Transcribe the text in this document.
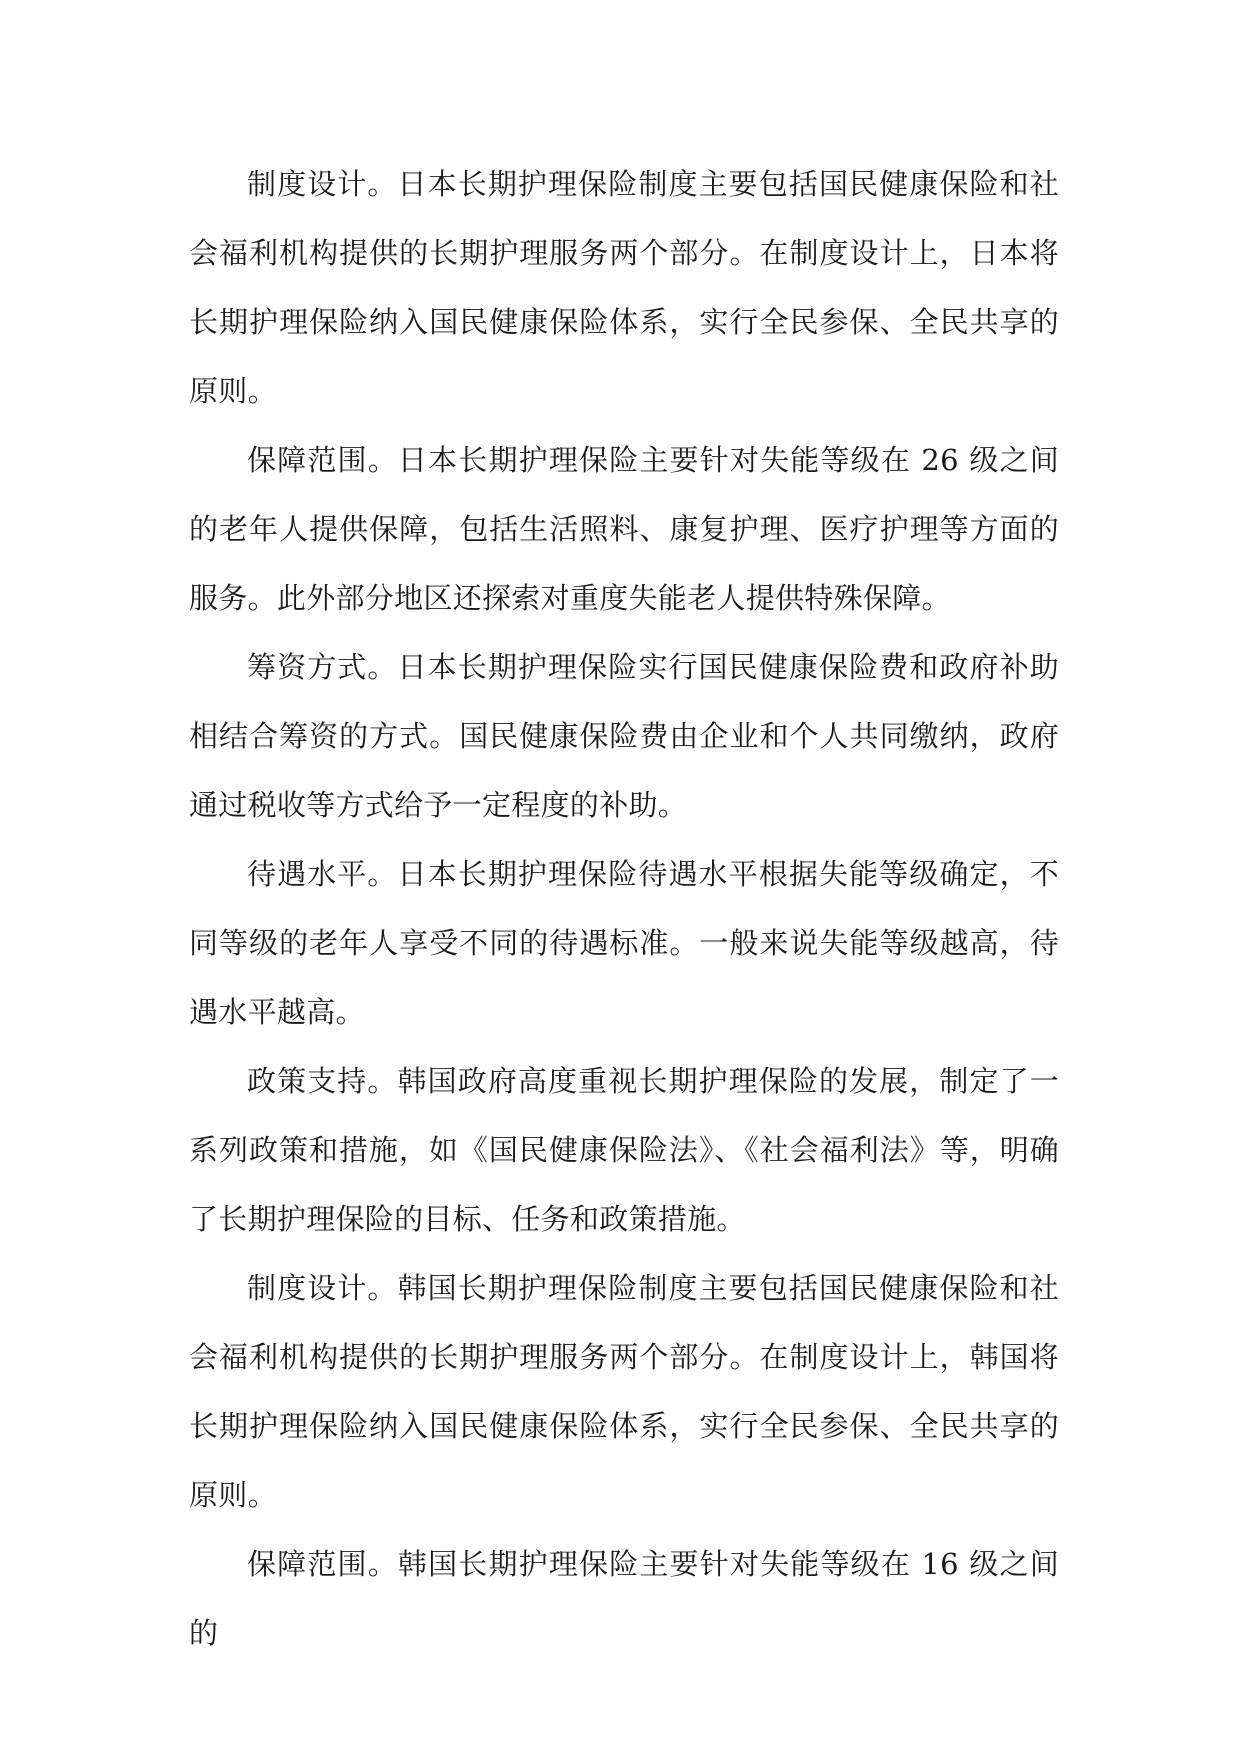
制度设计。日本长期护理保险制度主要包括国民健康保险和社会福利机构提供的长期护理服务两个部分。在制度设计上，日本将长期护理保险纳入国民健康保险体系，实行全民参保、全民共享的原则。

保障范围。日本长期护理保险主要针对失能等级在 26 级之间的老年人提供保障，包括生活照料、康复护理、医疗护理等方面的服务。此外部分地区还探索对重度失能老人提供特殊保障。

筹资方式。日本长期护理保险实行国民健康保险费和政府补助相结合筹资的方式。国民健康保险费由企业和个人共同缴纳，政府通过税收等方式给予一定程度的补助。

待遇水平。日本长期护理保险待遇水平根据失能等级确定，不同等级的老年人享受不同的待遇标准。一般来说失能等级越高，待遇水平越高。

政策支持。韩国政府高度重视长期护理保险的发展，制定了一系列政策和措施，如《国民健康保险法》、《社会福利法》等，明确了长期护理保险的目标、任务和政策措施。

制度设计。韩国长期护理保险制度主要包括国民健康保险和社会福利机构提供的长期护理服务两个部分。在制度设计上，韩国将长期护理保险纳入国民健康保险体系，实行全民参保、全民共享的原则。

保障范围。韩国长期护理保险主要针对失能等级在 16 级之间的
